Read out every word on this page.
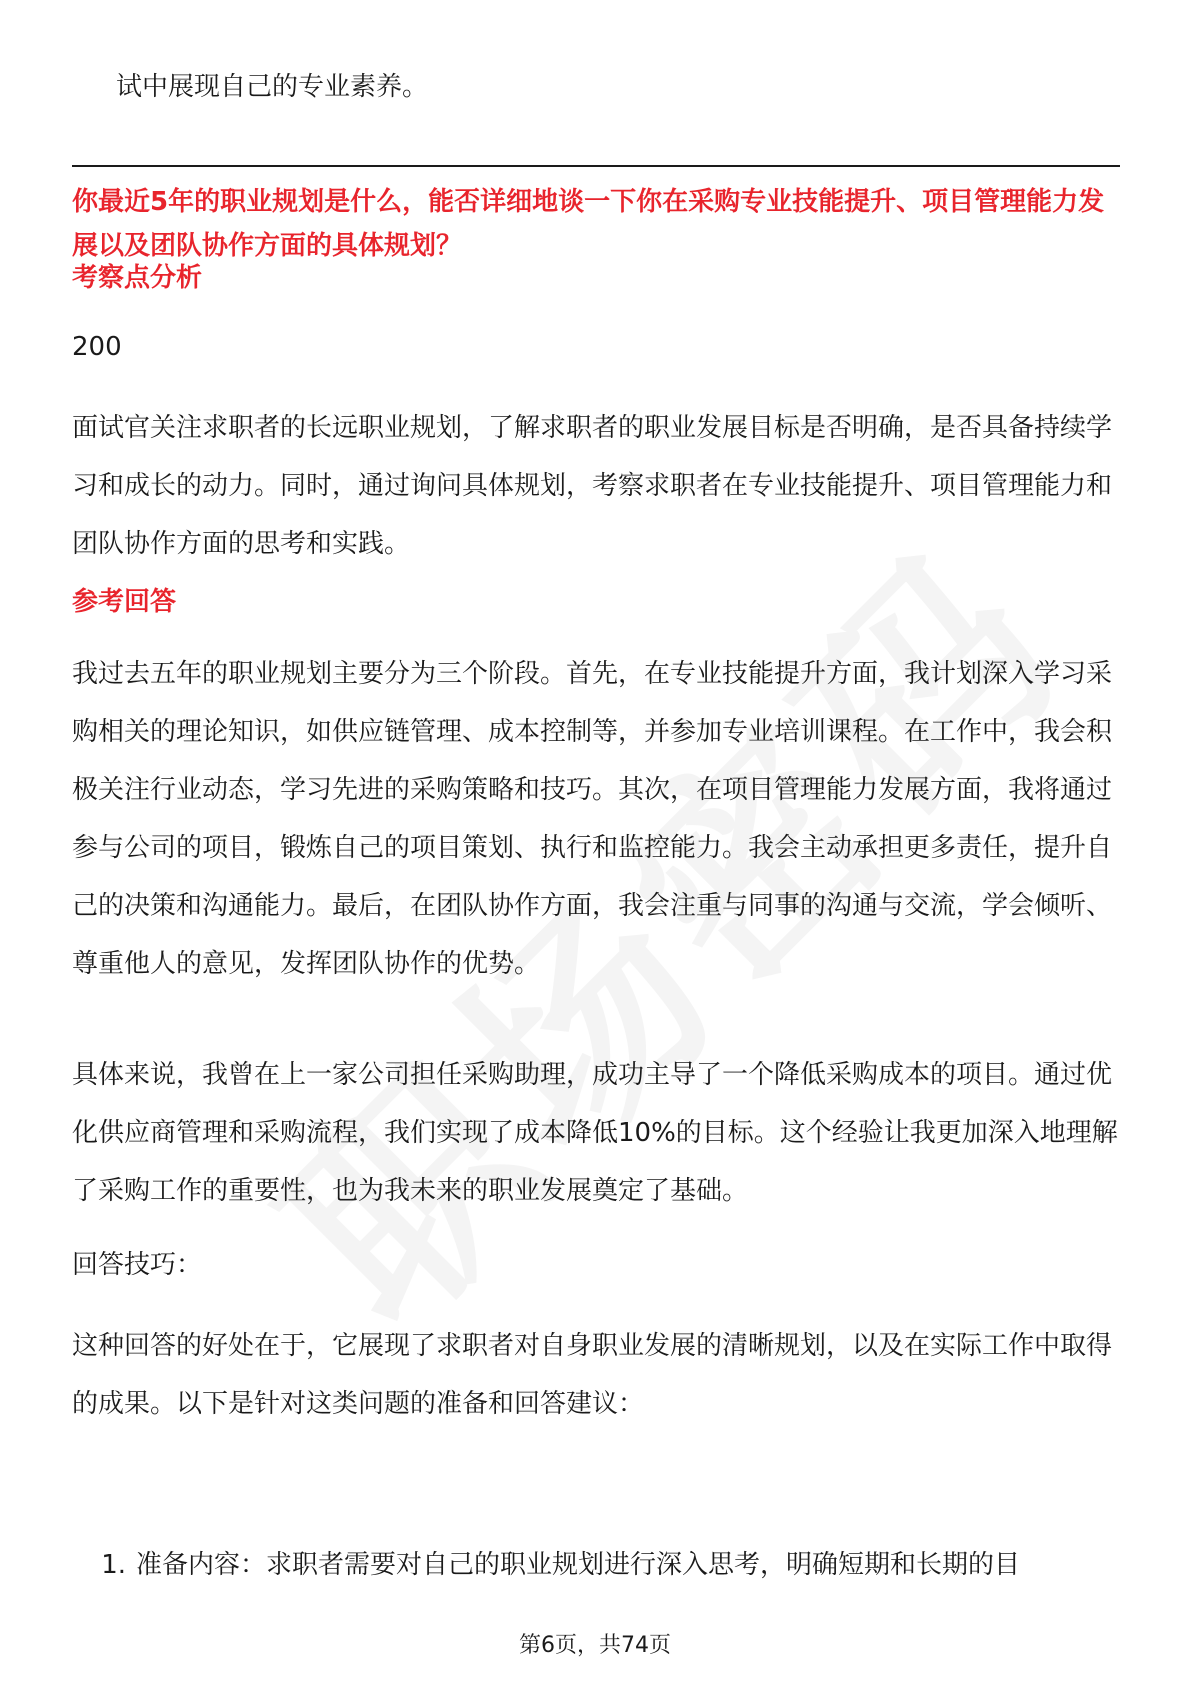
试中展现自己的专业素养。

你最近5年的职业规划是什么，能否详细地谈一下你在采购专业技能提升、项目管理能力发展以及团队协作方面的具体规划？

考察点分析

200

面试官关注求职者的长远职业规划，了解求职者的职业发展目标是否明确，是否具备持续学习和成长的动力。同时，通过询问具体规划，考察求职者在专业技能提升、项目管理能力和团队协作方面的思考和实践。

参考回答

我过去五年的职业规划主要分为三个阶段。首先，在专业技能提升方面，我计划深入学习采购相关的理论知识，如供应链管理、成本控制等，并参加专业培训课程。在工作中，我会积极关注行业动态，学习先进的采购策略和技巧。其次，在项目管理能力发展方面，我将通过参与公司的项目，锻炼自己的项目策划、执行和监控能力。我会主动承担更多责任，提升自己的决策和沟通能力。最后，在团队协作方面，我会注重与同事的沟通与交流，学会倾听、尊重他人的意见，发挥团队协作的优势。

具体来说，我曾在上一家公司担任采购助理，成功主导了一个降低采购成本的项目。通过优化供应商管理和采购流程，我们实现了成本降低10%的目标。这个经验让我更加深入地理解了采购工作的重要性，也为我未来的职业发展奠定了基础。

回答技巧：

这种回答的好处在于，它展现了求职者对自身职业发展的清晰规划，以及在实际工作中取得的成果。以下是针对这类问题的准备和回答建议：

1. 准备内容：求职者需要对自己的职业规划进行深入思考，明确短期和长期的目

第6页，共74页
